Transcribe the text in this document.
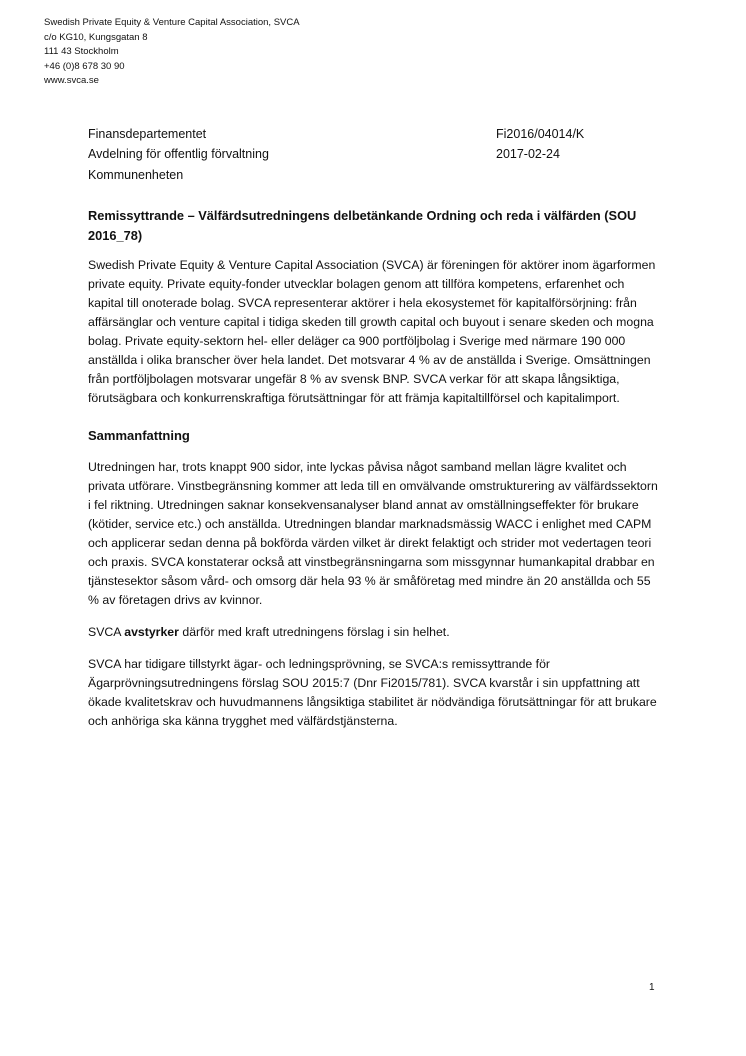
Swedish Private Equity & Venture Capital Association, SVCA
c/o KG10, Kungsgatan 8
111 43 Stockholm
+46 (0)8 678 30 90
www.svca.se
Finansdepartementet
Avdelning för offentlig förvaltning
Kommunenheten
Fi2016/04014/K
2017-02-24
Remissyttrande – Välfärdsutredningens delbetänkande Ordning och reda i välfärden (SOU 2016_78)

Swedish Private Equity & Venture Capital Association (SVCA) är föreningen för aktörer inom ägarformen private equity. Private equity-fonder utvecklar bolagen genom att tillföra kompetens, erfarenhet och kapital till onoterade bolag. SVCA representerar aktörer i hela ekosystemet för kapitalförsörjning: från affärsänglar och venture capital i tidiga skeden till growth capital och buyout i senare skeden och mogna bolag. Private equity-sektorn hel- eller deläger ca 900 portföljbolag i Sverige med närmare 190 000 anställda i olika branscher över hela landet. Det motsvarar 4 % av de anställda i Sverige. Omsättningen från portföljbolagen motsvarar ungefär 8 % av svensk BNP. SVCA verkar för att skapa långsiktiga, förutsägbara och konkurrenskraftiga förutsättningar för att främja kapitaltillförsel och kapitalimport.

Sammanfattning

Utredningen har, trots knappt 900 sidor, inte lyckas påvisa något samband mellan lägre kvalitet och privata utförare. Vinstbegränsning kommer att leda till en omvälvande omstrukturering av välfärdssektorn i fel riktning. Utredningen saknar konsekvensanalyser bland annat av omställningseffekter för brukare (kötider, service etc.) och anställda. Utredningen blandar marknadsmässig WACC i enlighet med CAPM och applicerar sedan denna på bokförda värden vilket är direkt felaktigt och strider mot vedertagen teori och praxis. SVCA konstaterar också att vinstbegränsningarna som missgynnar humankapital drabbar en tjänstesektor såsom vård- och omsorg där hela 93 % är småföretag med mindre än 20 anställda och 55 % av företagen drivs av kvinnor.

SVCA avstyrker därför med kraft utredningens förslag i sin helhet.

SVCA har tidigare tillstyrkt ägar- och ledningsprövning, se SVCA:s remissyttrande för Ägarprövningsutredningens förslag SOU 2015:7 (Dnr Fi2015/781). SVCA kvarstår i sin uppfattning att ökade kvalitetskrav och huvudmannens långsiktiga stabilitet är nödvändiga förutsättningar för att brukare och anhöriga ska känna trygghet med välfärdstjänsterna.

1
